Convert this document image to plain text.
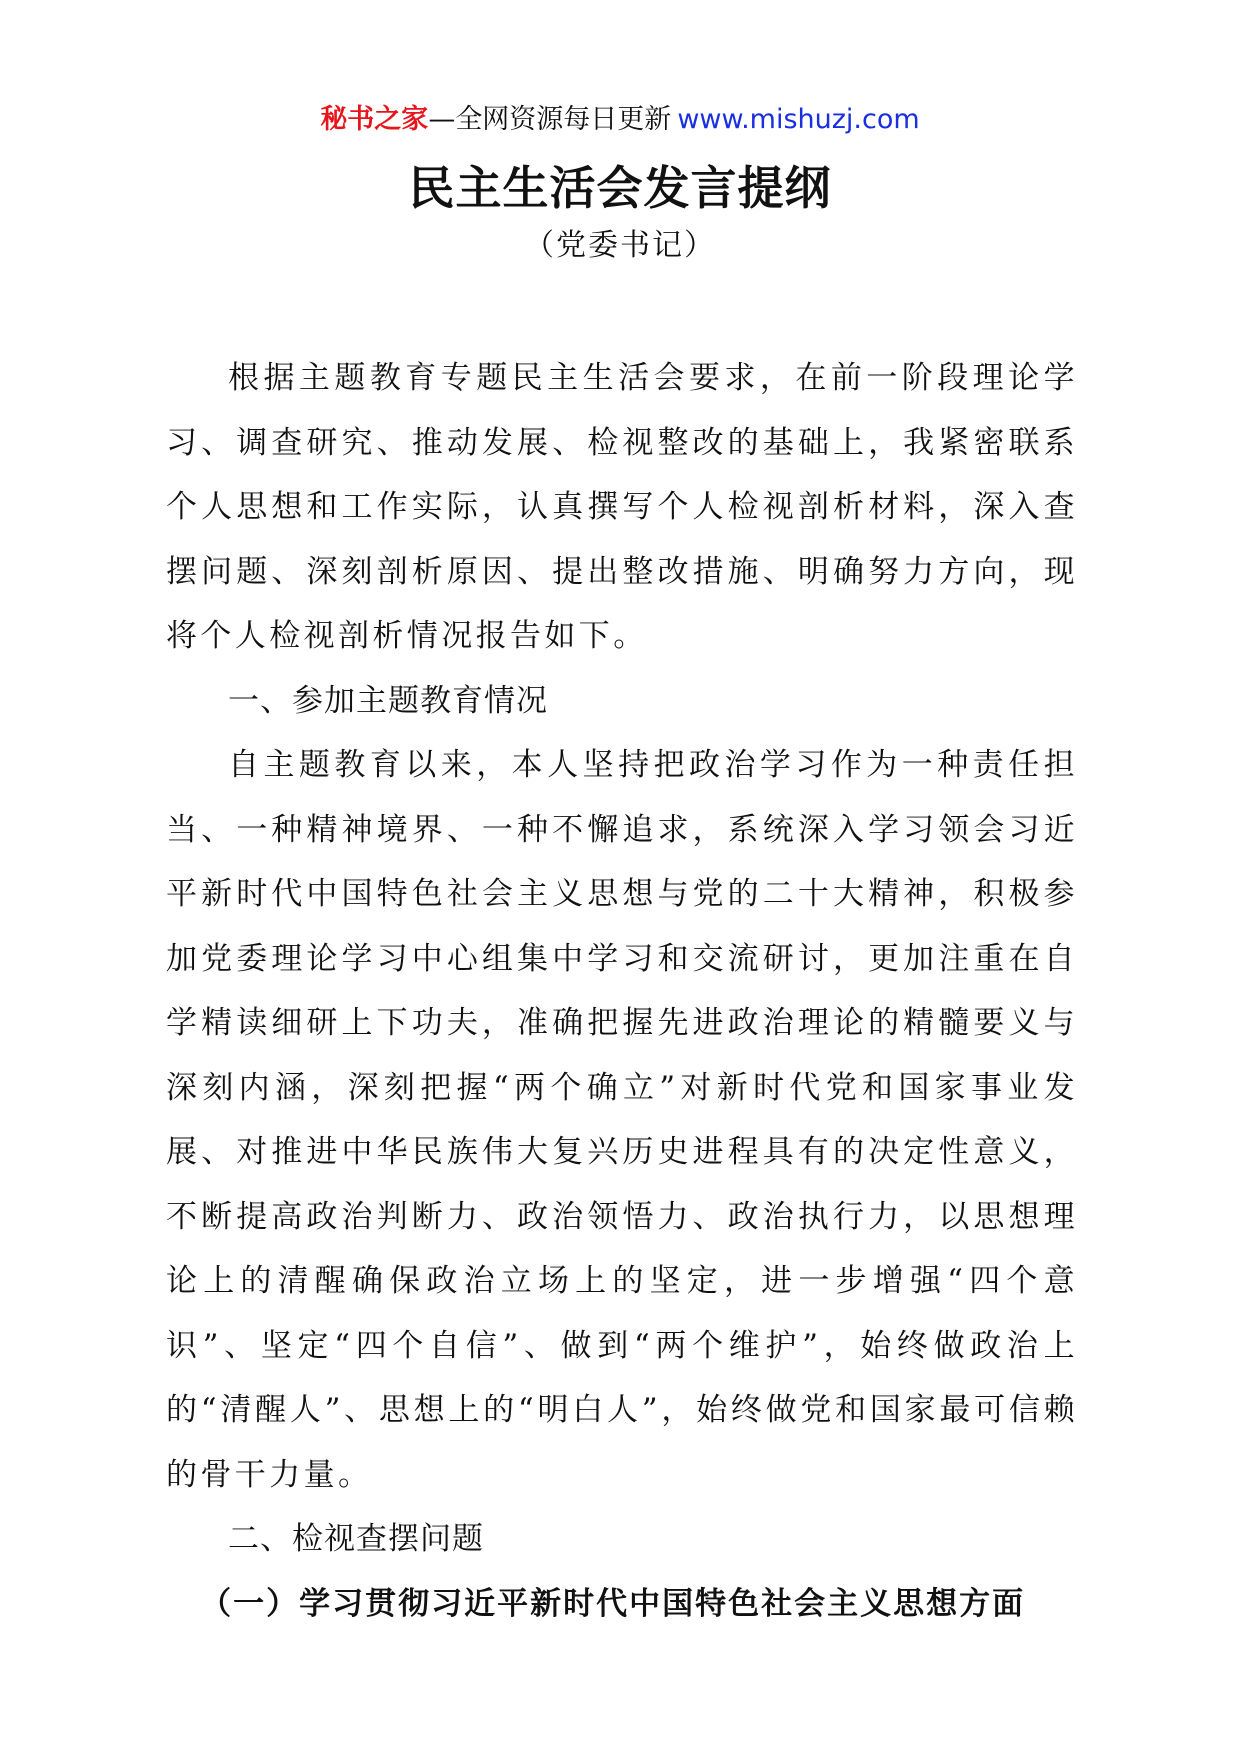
秘书之家—全网资源每日更新 www.mishuzj.com
民主生活会发言提纲
（党委书记）

根据主题教育专题民主生活会要求，在前一阶段理论学习、调查研究、推动发展、检视整改的基础上，我紧密联系个人思想和工作实际，认真撰写个人检视剖析材料，深入查摆问题、深刻剖析原因、提出整改措施、明确努力方向，现将个人检视剖析情况报告如下。

一、参加主题教育情况

自主题教育以来，本人坚持把政治学习作为一种责任担当、一种精神境界、一种不懈追求，系统深入学习领会习近平新时代中国特色社会主义思想与党的二十大精神，积极参加党委理论学习中心组集中学习和交流研讨，更加注重在自学精读细研上下功夫，准确把握先进政治理论的精髓要义与深刻内涵，深刻把握“两个确立”对新时代党和国家事业发展、对推进中华民族伟大复兴历史进程具有的决定性意义，不断提高政治判断力、政治领悟力、政治执行力，以思想理论上的清醒确保政治立场上的坚定，进一步增强“四个意识”、坚定“四个自信”、做到“两个维护”，始终做政治上的“清醒人”、思想上的“明白人”，始终做党和国家最可信赖的骨干力量。

二、检视查摆问题

（一）学习贯彻习近平新时代中国特色社会主义思想方面
